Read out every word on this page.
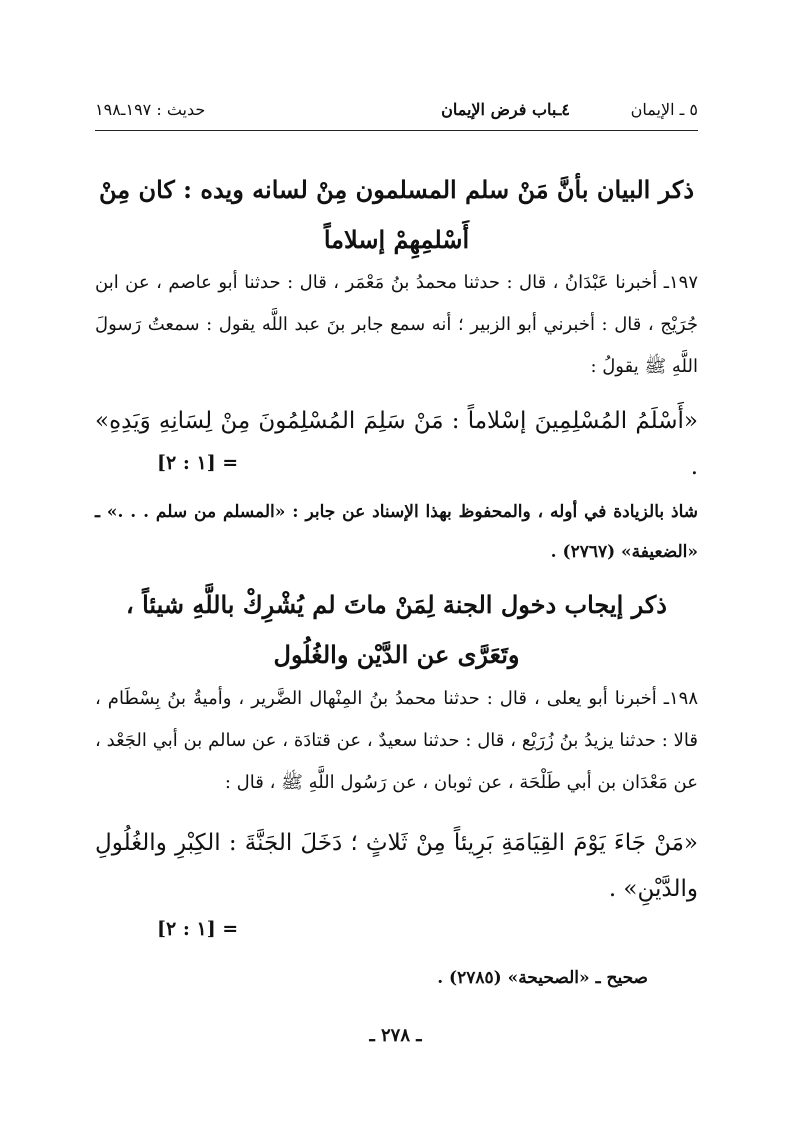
٥ ـ الإيمان
٤ـباب فرض الإيمان
حديث : ١٩٧ـ١٩٨
ذكر البيان بأنَّ مَنْ سلم المسلمون مِنْ لسانه ويده : كان مِنْ أَسْلمِهِمْ إسلاماً
١٩٧ـ أخبرنا عَبْدَانُ ، قال : حدثنا محمدُ بنُ مَعْمَر ، قال : حدثنا أبو عاصم ، عن ابن جُرَيْج ، قال : أخبرني أبو الزبير ؛ أنه سمع جابر بنَ عبد اللَّه يقول : سمعتُ رَسولَ اللَّهِ ﷺ يقولُ :
«أَسْلَمُ المُسْلِمِينَ إسْلاماً : مَنْ سَلِمَ المُسْلِمُونَ مِنْ لِسَانِهِ وَيَدِهِ» .
= [١ : ٢]
شاذ بالزيادة في أوله ، والمحفوظ بهذا الإسناد عن جابر : «المسلم من سلم . . .» ـ «الضعيفة» (٢٧٦٧) .
ذكر إيجاب دخول الجنة لِمَنْ ماتَ لم يُشْرِكْ باللَّهِ شيئاً ، وتَعَرَّى عن الدَّيْن والغُلُول
١٩٨ـ أخبرنا أبو يعلى ، قال : حدثنا محمدُ بنُ المِنْهال الضَّرير ، وأميةُ بنُ بِسْطَام ، قالا : حدثنا يزيدُ بنُ زُرَيْع ، قال : حدثنا سعيدٌ ، عن قتادَة ، عن سالم بن أبي الجَعْد ، عن مَعْدَان بن أبي طَلْحَة ، عن ثوبان ، عن رَسُول اللَّهِ ﷺ ، قال :
«مَنْ جَاءَ يَوْمَ القِيَامَةِ بَرِيئاً مِنْ ثَلاثٍ ؛ دَخَلَ الجَنَّةَ : الكِبْرِ والغُلُولِ والدَّيْنِ» .
= [١ : ٢]
صحيح ـ «الصحيحة» (٢٧٨٥) .
ـ ٢٧٨ ـ
